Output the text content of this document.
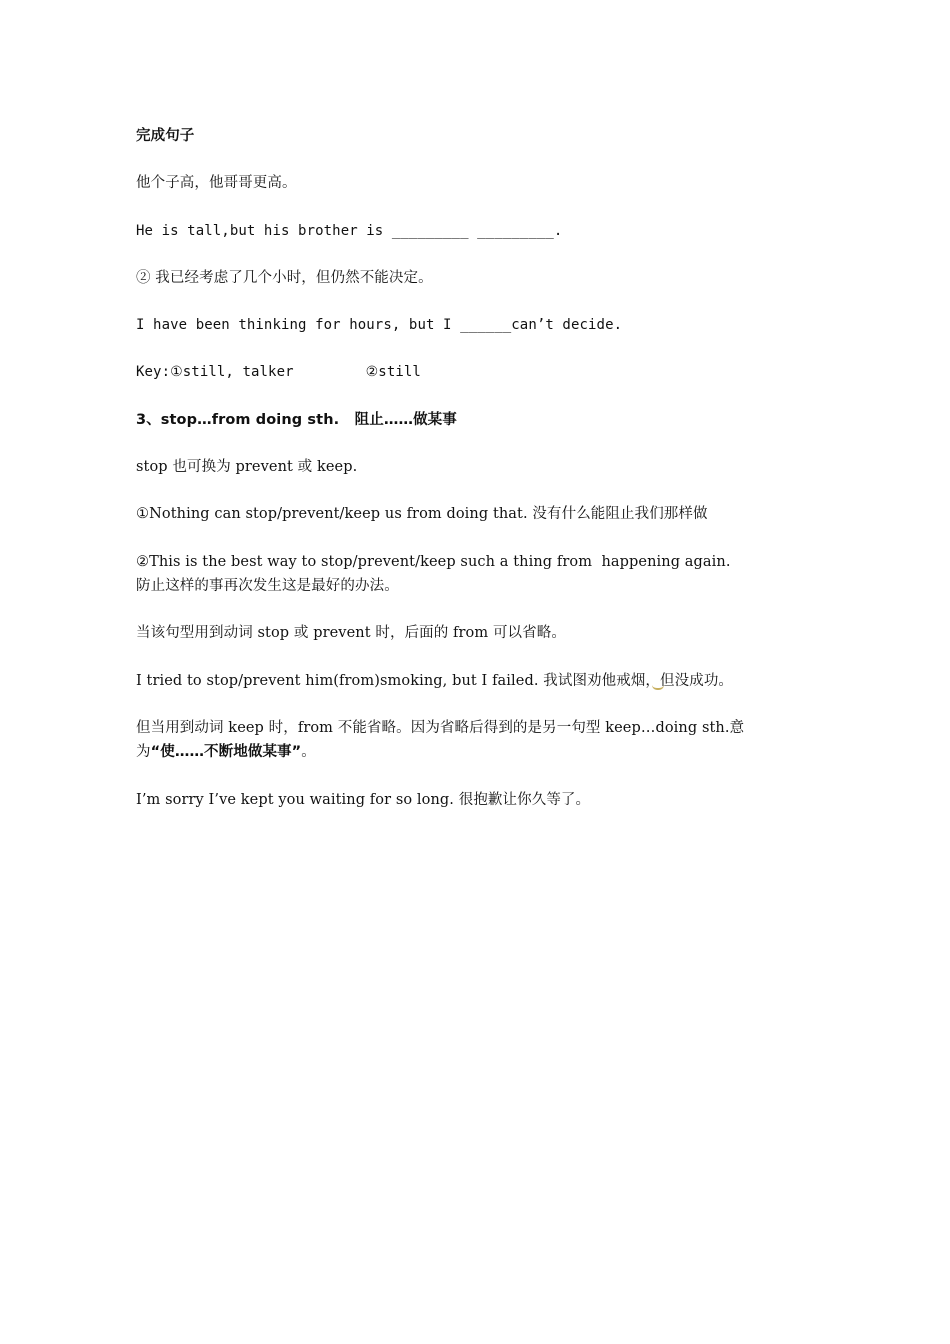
完成句子
他个子高，他哥哥更高。
He is tall,but his brother is _________ _________.
② 我已经考虑了几个小时，但仍然不能决定。
I have been thinking for hours, but I ______can’t decide.
Key:①still, talker	②still
3、stop…from doing sth.   阻止……做某事
stop 也可换为 prevent 或 keep.
①Nothing can stop/prevent/keep us from doing that. 没有什么能阻止我们那样做
②This is the best way to stop/prevent/keep such a thing from  happening again.
防止这样的事再次发生这是最好的办法。
当该句型用到动词 stop 或 prevent 时，后面的 from 可以省略。
I tried to stop/prevent him(from)smoking, but I failed. 我试图劝他戒烟，但没成功。
但当用到动词 keep 时，from 不能省略。因为省略后得到的是另一句型 keep…doing sth.意
为“使……不断地做某事”。
I’m sorry I’ve kept you waiting for so long. 很抱歉让你久等了。
